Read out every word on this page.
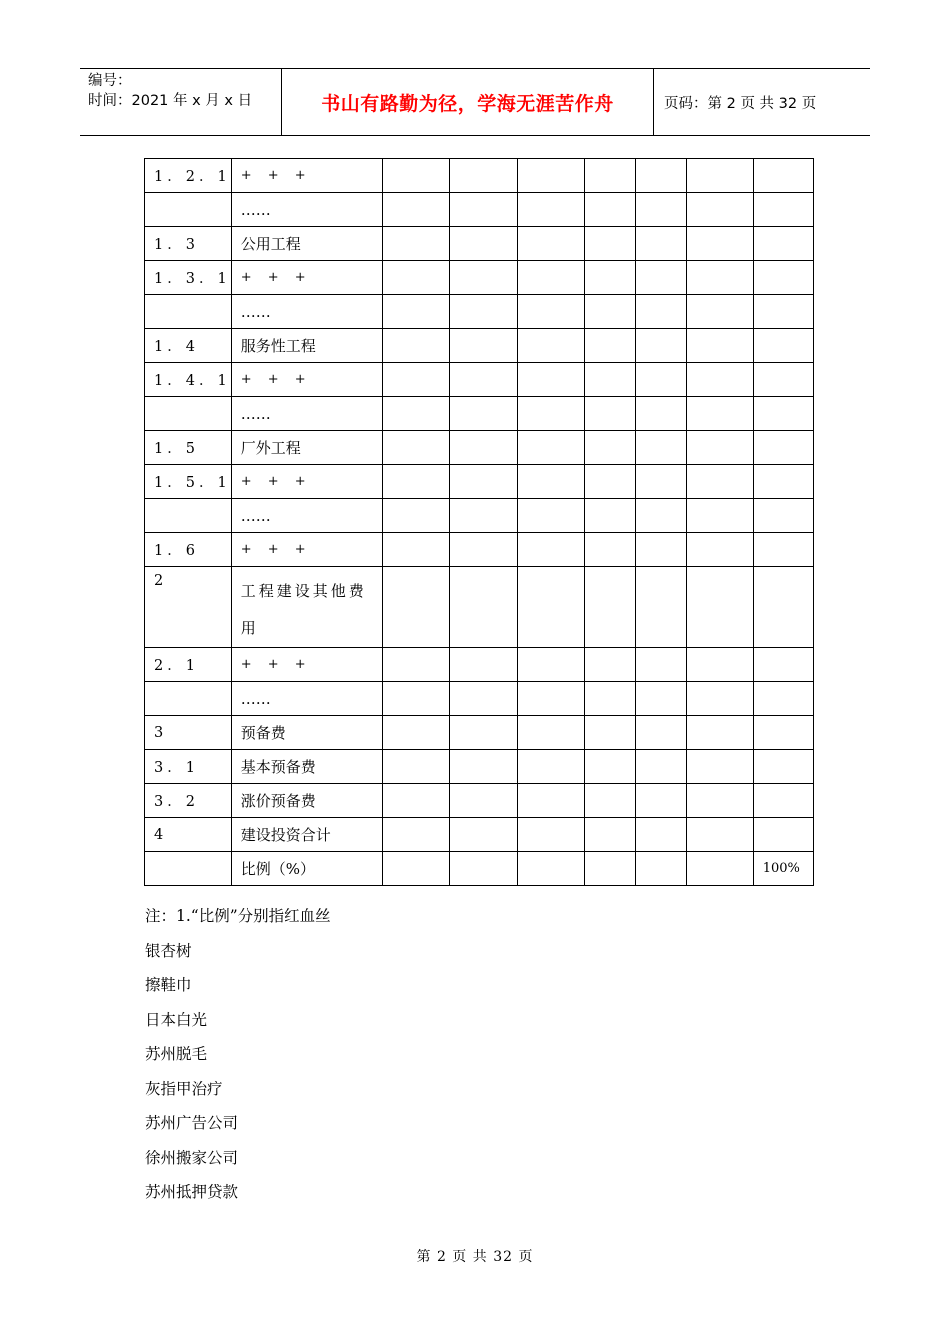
编号：
时间：2021 年 x 月 x 日	书山有路勤为径，学海无涯苦作舟	页码：第 2 页 共 32 页
1．2．1	+ + +							
	……							
1．3	公用工程							
1．3．1	+ + +							
	……							
1．4	服务性工程							
1．4．1	+ + +							
	……							
1．5	厂外工程							
1．5．1	+ + +							
	……							
1．6	+ + +							
2	工程建设其他费用							
2．1	+ + +							
	……							
3	预备费							
3．1	基本预备费							
3．2	涨价预备费							
4	建设投资合计							
	比例（%）							100%
注：1.“比例”分别指红血丝
银杏树
擦鞋巾
日本白光
苏州脱毛
灰指甲治疗
苏州广告公司
徐州搬家公司
苏州抵押贷款
第 2 页 共 32 页
